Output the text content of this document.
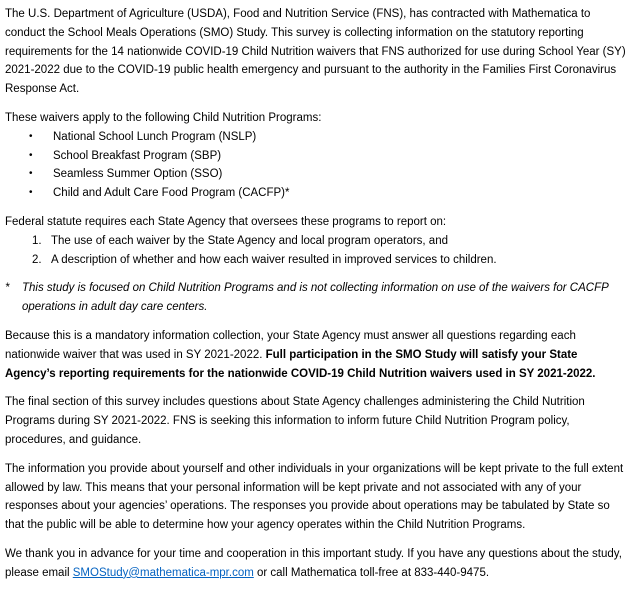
The U.S. Department of Agriculture (USDA), Food and Nutrition Service (FNS), has contracted with Mathematica to conduct the School Meals Operations (SMO) Study. This survey is collecting information on the statutory reporting requirements for the 14 nationwide COVID-19 Child Nutrition waivers that FNS authorized for use during School Year (SY) 2021-2022 due to the COVID-19 public health emergency and pursuant to the authority in the Families First Coronavirus Response Act.

These waivers apply to the following Child Nutrition Programs:

•	National School Lunch Program (NSLP)
•	School Breakfast Program (SBP)
•	Seamless Summer Option (SSO)
•	Child and Adult Care Food Program (CACFP)*

Federal statute requires each State Agency that oversees these programs to report on:

1. The use of each waiver by the State Agency and local program operators, and
2. A description of whether and how each waiver resulted in improved services to children.

* This study is focused on Child Nutrition Programs and is not collecting information on use of the waivers for CACFP operations in adult day care centers.

Because this is a mandatory information collection, your State Agency must answer all questions regarding each nationwide waiver that was used in SY 2021-2022. Full participation in the SMO Study will satisfy your State Agency’s reporting requirements for the nationwide COVID-19 Child Nutrition waivers used in SY 2021-2022.

The final section of this survey includes questions about State Agency challenges administering the Child Nutrition Programs during SY 2021-2022. FNS is seeking this information to inform future Child Nutrition Program policy, procedures, and guidance.

The information you provide about yourself and other individuals in your organizations will be kept private to the full extent allowed by law. This means that your personal information will be kept private and not associated with any of your responses about your agencies’ operations. The responses you provide about operations may be tabulated by State so that the public will be able to determine how your agency operates within the Child Nutrition Programs.

We thank you in advance for your time and cooperation in this important study. If you have any questions about the study, please email SMOStudy@mathematica-mpr.com or call Mathematica toll-free at 833-440-9475.
